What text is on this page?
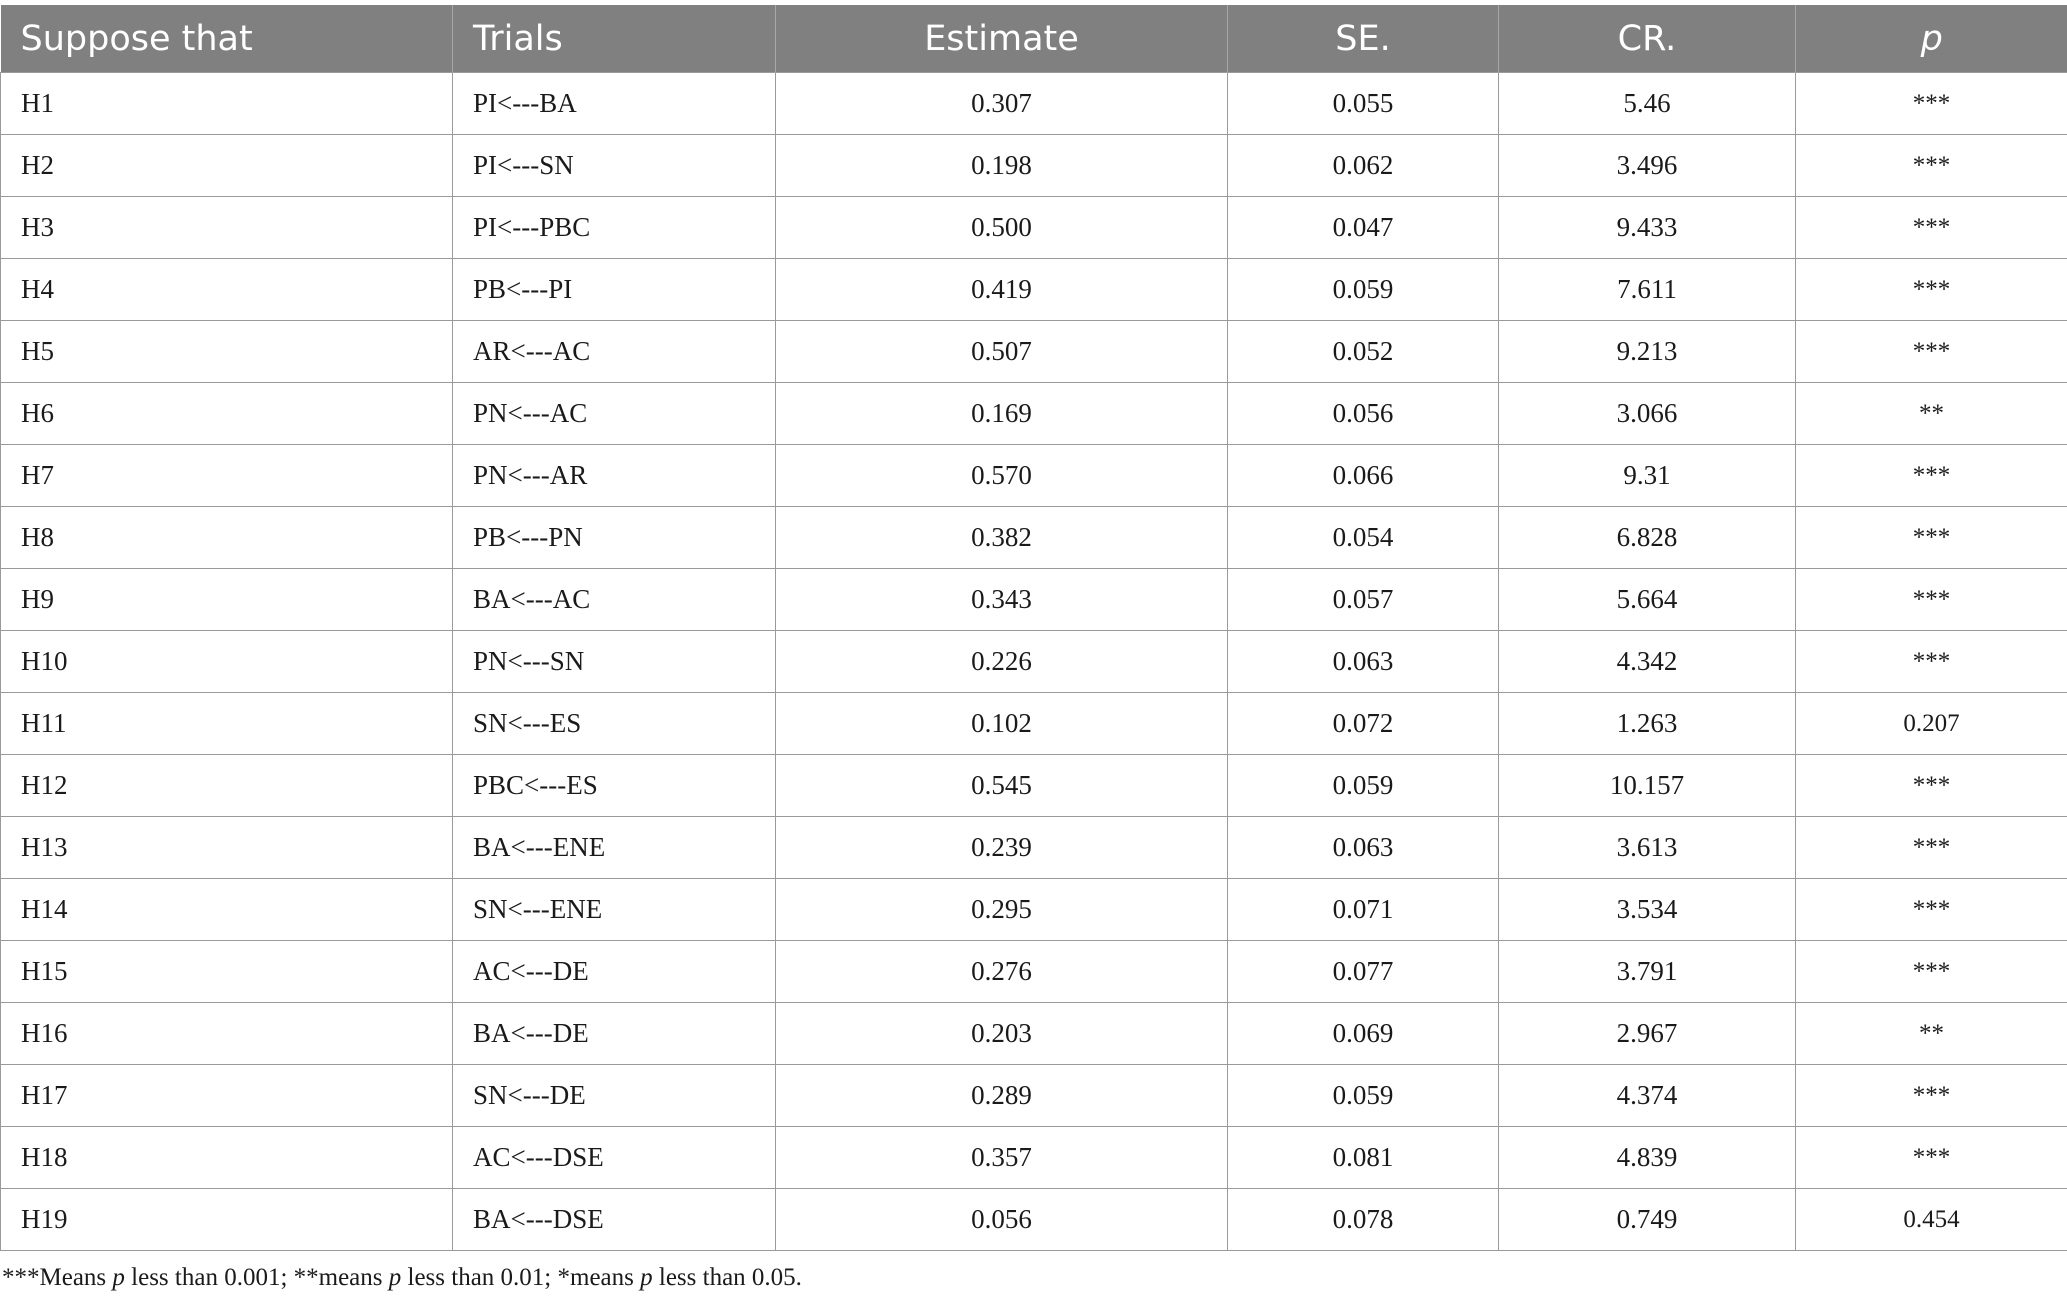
Suppose that	Trials	Estimate	SE.	CR.	p
H1	PI<---BA	0.307	0.055	5.46	***
H2	PI<---SN	0.198	0.062	3.496	***
H3	PI<---PBC	0.500	0.047	9.433	***
H4	PB<---PI	0.419	0.059	7.611	***
H5	AR<---AC	0.507	0.052	9.213	***
H6	PN<---AC	0.169	0.056	3.066	**
H7	PN<---AR	0.570	0.066	9.31	***
H8	PB<---PN	0.382	0.054	6.828	***
H9	BA<---AC	0.343	0.057	5.664	***
H10	PN<---SN	0.226	0.063	4.342	***
H11	SN<---ES	0.102	0.072	1.263	0.207
H12	PBC<---ES	0.545	0.059	10.157	***
H13	BA<---ENE	0.239	0.063	3.613	***
H14	SN<---ENE	0.295	0.071	3.534	***
H15	AC<---DE	0.276	0.077	3.791	***
H16	BA<---DE	0.203	0.069	2.967	**
H17	SN<---DE	0.289	0.059	4.374	***
H18	AC<---DSE	0.357	0.081	4.839	***
H19	BA<---DSE	0.056	0.078	0.749	0.454
***Means p less than 0.001; **means p less than 0.01; *means p less than 0.05.
